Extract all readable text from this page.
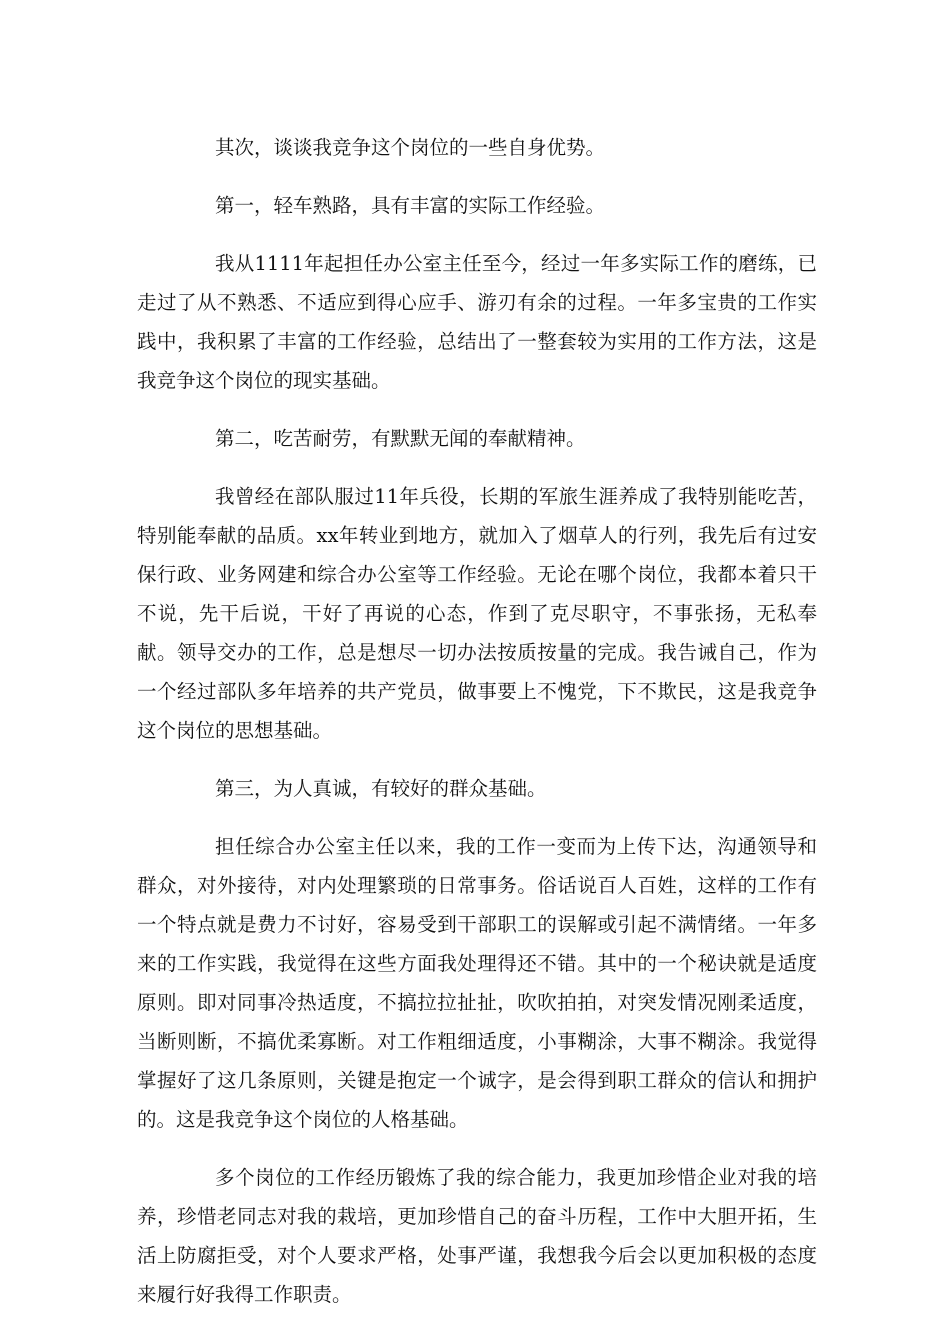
其次，谈谈我竞争这个岗位的一些自身优势。

第一，轻车熟路，具有丰富的实际工作经验。

我从1111年起担任办公室主任至今，经过一年多实际工作的磨练，已走过了从不熟悉、不适应到得心应手、游刃有余的过程。一年多宝贵的工作实践中，我积累了丰富的工作经验，总结出了一整套较为实用的工作方法，这是我竞争这个岗位的现实基础。

第二，吃苦耐劳，有默默无闻的奉献精神。

我曾经在部队服过11年兵役，长期的军旅生涯养成了我特别能吃苦，特别能奉献的品质。xx年转业到地方，就加入了烟草人的行列，我先后有过安保行政、业务网建和综合办公室等工作经验。无论在哪个岗位，我都本着只干不说，先干后说，干好了再说的心态，作到了克尽职守，不事张扬，无私奉献。领导交办的工作，总是想尽一切办法按质按量的完成。我告诫自己，作为一个经过部队多年培养的共产党员，做事要上不愧党，下不欺民，这是我竞争这个岗位的思想基础。

第三，为人真诚，有较好的群众基础。

担任综合办公室主任以来，我的工作一变而为上传下达，沟通领导和群众，对外接待，对内处理繁琐的日常事务。俗话说百人百姓，这样的工作有一个特点就是费力不讨好，容易受到干部职工的误解或引起不满情绪。一年多来的工作实践，我觉得在这些方面我处理得还不错。其中的一个秘诀就是适度原则。即对同事冷热适度，不搞拉拉扯扯，吹吹拍拍，对突发情况刚柔适度，当断则断，不搞优柔寡断。对工作粗细适度，小事糊涂，大事不糊涂。我觉得掌握好了这几条原则，关键是抱定一个诚字，是会得到职工群众的信认和拥护的。这是我竞争这个岗位的人格基础。

多个岗位的工作经历锻炼了我的综合能力，我更加珍惜企业对我的培养，珍惜老同志对我的栽培，更加珍惜自己的奋斗历程，工作中大胆开拓，生活上防腐拒受，对个人要求严格，处事严谨，我想我今后会以更加积极的态度来履行好我得工作职责。
